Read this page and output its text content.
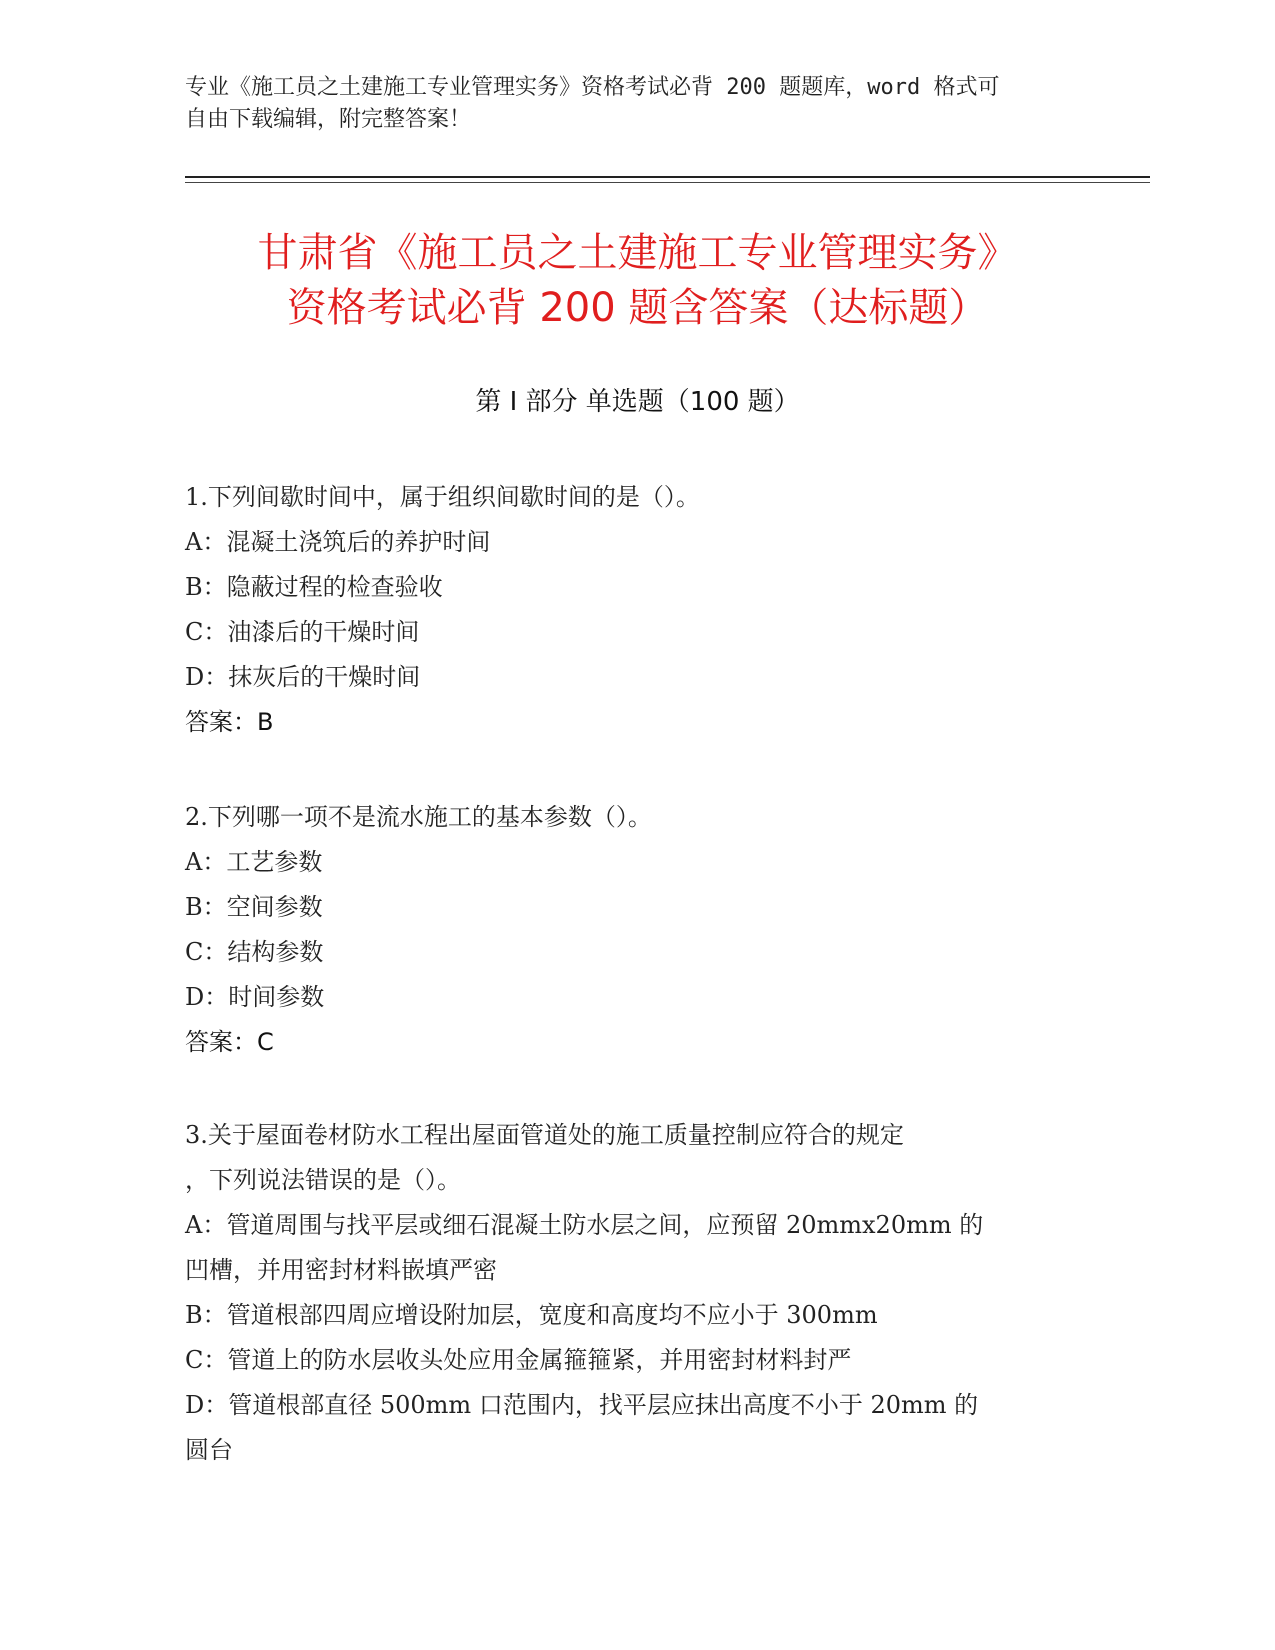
专业《施工员之土建施工专业管理实务》资格考试必背 200 题题库，word 格式可
自由下载编辑，附完整答案！
甘肃省《施工员之土建施工专业管理实务》
资格考试必背 200 题含答案（达标题）
第 I 部分 单选题（100 题）
1.下列间歇时间中，属于组织间歇时间的是（）。
A：混凝土浇筑后的养护时间
B：隐蔽过程的检查验收
C：油漆后的干燥时间
D：抹灰后的干燥时间
答案：B
2.下列哪一项不是流水施工的基本参数（）。
A：工艺参数
B：空间参数
C：结构参数
D：时间参数
答案：C
3.关于屋面卷材防水工程出屋面管道处的施工质量控制应符合的规定
，下列说法错误的是（）。
A：管道周围与找平层或细石混凝土防水层之间，应预留 20mmx20mm 的
凹槽，并用密封材料嵌填严密
B：管道根部四周应增设附加层，宽度和高度均不应小于 300mm
C：管道上的防水层收头处应用金属箍箍紧，并用密封材料封严
D：管道根部直径 500mm 口范围内，找平层应抹出高度不小于 20mm 的
圆台
